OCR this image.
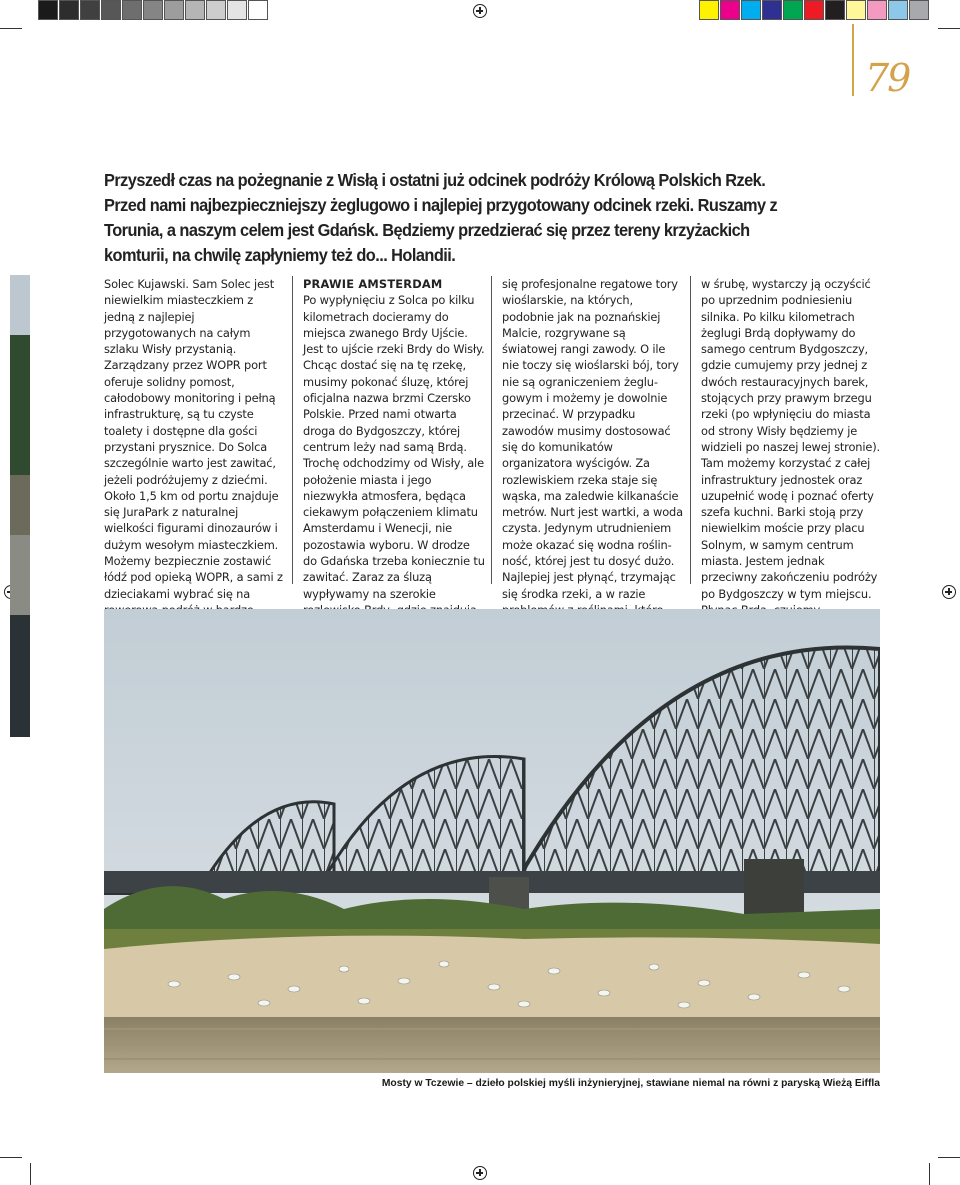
79
Przyszedł czas na pożegnanie z Wisłą i ostatni już odcinek podróży Królową Polskich Rzek. Przed nami najbezpieczniejszy żeglugowo i najlepiej przygotowany odcinek rzeki. Ruszamy z Torunia, a naszym celem jest Gdańsk. Będziemy przedzierać się przez tereny krzyżackich komturii, na chwilę zapłyniemy też do... Holandii.

Solec Kujawski. Sam Solec jest niewielkim miasteczkiem z jedną z najlepiej przygotowanych na całym szlaku Wisły przystanią. Zarządzany przez WOPR port oferuje solidny pomost, całodobowy monitoring i pełną infrastrukturę, są tu czyste toalety i dostępne dla gości przystani prysznice. Do Solca szczególnie warto jest zawitać, jeżeli podróżujemy z dziećmi. Około 1,5 km od portu znajduje się JuraPark z naturalnej wielkości figurami dinozaurów i dużym wesołym miasteczkiem. Możemy bezpiecznie zostawić łódź pod opieką WOPR, a sami z dzieciakami wybrać się na

PRAWIE AMSTERDAM

Po wypłynięciu z Solca po kilku kilometrach docieramy do miejsca zwanego Brdy Ujście. Jest to ujście rzeki Brdy do Wisły. Chcąc dostać się na tę rzekę, musimy pokonać śluzę, której oficjalna nazwa brzmi Czersko Polskie. Przed nami otwarta droga do Bydgoszczy, której centrum leży nad samą Brdą. Trochę odchodzimy od Wisły, ale położenie miasta i jego niezwykła atmosfera, będąca ciekawym połączeniem klimatu Amsterdamu i Wenecji, nie pozostawia wyboru. W drodze do Gdańska trzeba koniecznie tu zawitać. Zaraz za śluzą wypływamy na szerokie

się profesjonalne regatowe tory wioślarskie, na których, podobnie jak na poznańskiej Malcie, rozgrywane są światowej rangi zawody. O ile nie toczy się wioślarski bój, tory nie są ograniczeniem żeglugowym i możemy je dowolnie przecinać. W przypadku zawodów musimy dostosować się do komunikatów organizatora wyścigów. Za rozlewiskiem rzeka staje się wąska, ma zaledwie kilkanaście metrów. Nurt jest wartki, a woda czysta. Jedynym utrudnieniem może okazać się wodna roślinność, której jest tu dosyć dużo. Najlepiej jest płynąć, trzymając się środka rzeki, a w razie

w śrubę, wystarczy ją oczyścić po uprzednim podniesieniu silnika. Po kilku kilometrach żeglugi Brdą dopływamy do samego centrum Bydgoszczy, gdzie cumujemy przy jednej z dwóch restauracyjnych barek, stojących przy prawym brzegu rzeki (po wpłynięciu do miasta od strony Wisły będziemy je widzieli po naszej lewej stronie). Tam możemy korzystać z całej infrastruktury jednostek oraz uzupełnić wodę i poznać oferty szefa kuchni. Barki stoją przy niewielkim moście przy placu Solnym, w samym centrum miasta. Jestem jednak przeciwny zakończeniu podróży po Bydgoszczy w tym miejscu.

Mosty w Tczewie – dzieło polskiej myśli inżynieryjnej, stawiane niemal na równi z paryską Wieżą Eiffla
